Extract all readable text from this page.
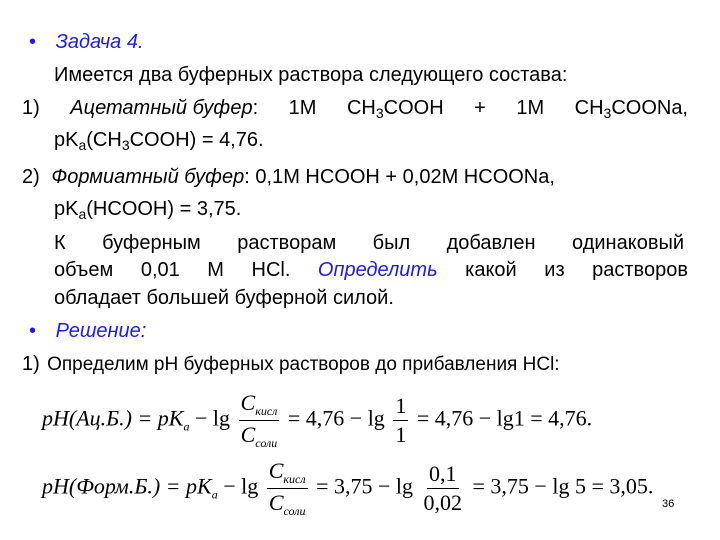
• Задача 4.
Имеется два буферных раствора следующего состава:
1) Ацетатный буфер: 1M $CH_3COOH + 1M$ $CH_3COONa$,
$pK_a(CH_3COOH) = 4,76$.
2) Формиатный буфер: 0,1M HCOOH + 0,02M HCOONa,
$pK_a(HCOOH) = 3,75$.
К буферным растворам был добавлен одинаковый
объем 0,01 М HCl. Определить какой из растворов
обладает большей буферной силой.
• Решение:
1) Определим pH буферных растворов до прибавления HCl:
$pH(Ац.Б.) = pK_a - \lg \frac{C_{кисл}}{C_{соли}} = 4,76 - \lg \frac{1}{1} = 4,76 - \lg 1 = 4,76$.
pH(Форм.Б.) = $pK_a - \lg \frac{C_{кисл}}{C_{соли}} = 3,75 - \lg \frac{0,1}{0,02} = 3,75 - \lg 5 = 3,05$.
36
